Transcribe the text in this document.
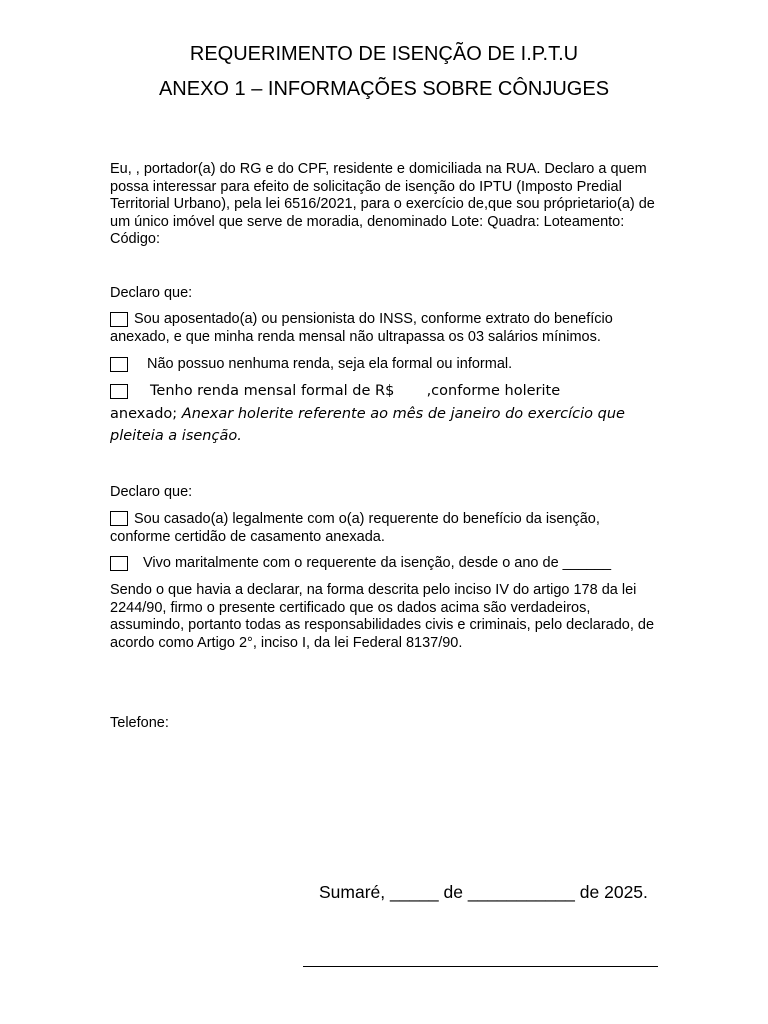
REQUERIMENTO DE ISENÇÃO DE I.P.T.U
ANEXO 1 – INFORMAÇÕES SOBRE CÔNJUGES
Eu, , portador(a) do RG e do CPF, residente e domiciliada na RUA. Declaro a quem possa interessar para efeito de solicitação de isenção do IPTU (Imposto Predial Territorial Urbano), pela lei 6516/2021, para o exercício de,que sou próprietario(a) de um único imóvel que serve de moradia, denominado Lote: Quadra: Loteamento: Código:
Declaro que:
Sou aposentado(a) ou pensionista do INSS, conforme extrato do benefício anexado, e que minha renda mensal não ultrapassa os 03 salários mínimos.
Não possuo nenhuma renda, seja ela formal ou informal.
Tenho renda mensal formal de R$       ,conforme holerite
anexado; Anexar holerite referente ao mês de janeiro do exercício que
pleiteia a isenção.
Declaro que:
Sou casado(a) legalmente com o(a) requerente do benefício da isenção, conforme certidão de casamento anexada.
Vivo maritalmente com o requerente da isenção, desde o ano de ______
Sendo o que havia a declarar, na forma descrita pelo inciso IV do artigo 178 da lei 2244/90, firmo o presente certificado que os dados acima são verdadeiros, assumindo, portanto todas as responsabilidades civis e criminais, pelo declarado, de acordo como Artigo 2°, inciso I, da lei Federal 8137/90.
Telefone:
Sumaré, _____ de ___________ de 2025.
